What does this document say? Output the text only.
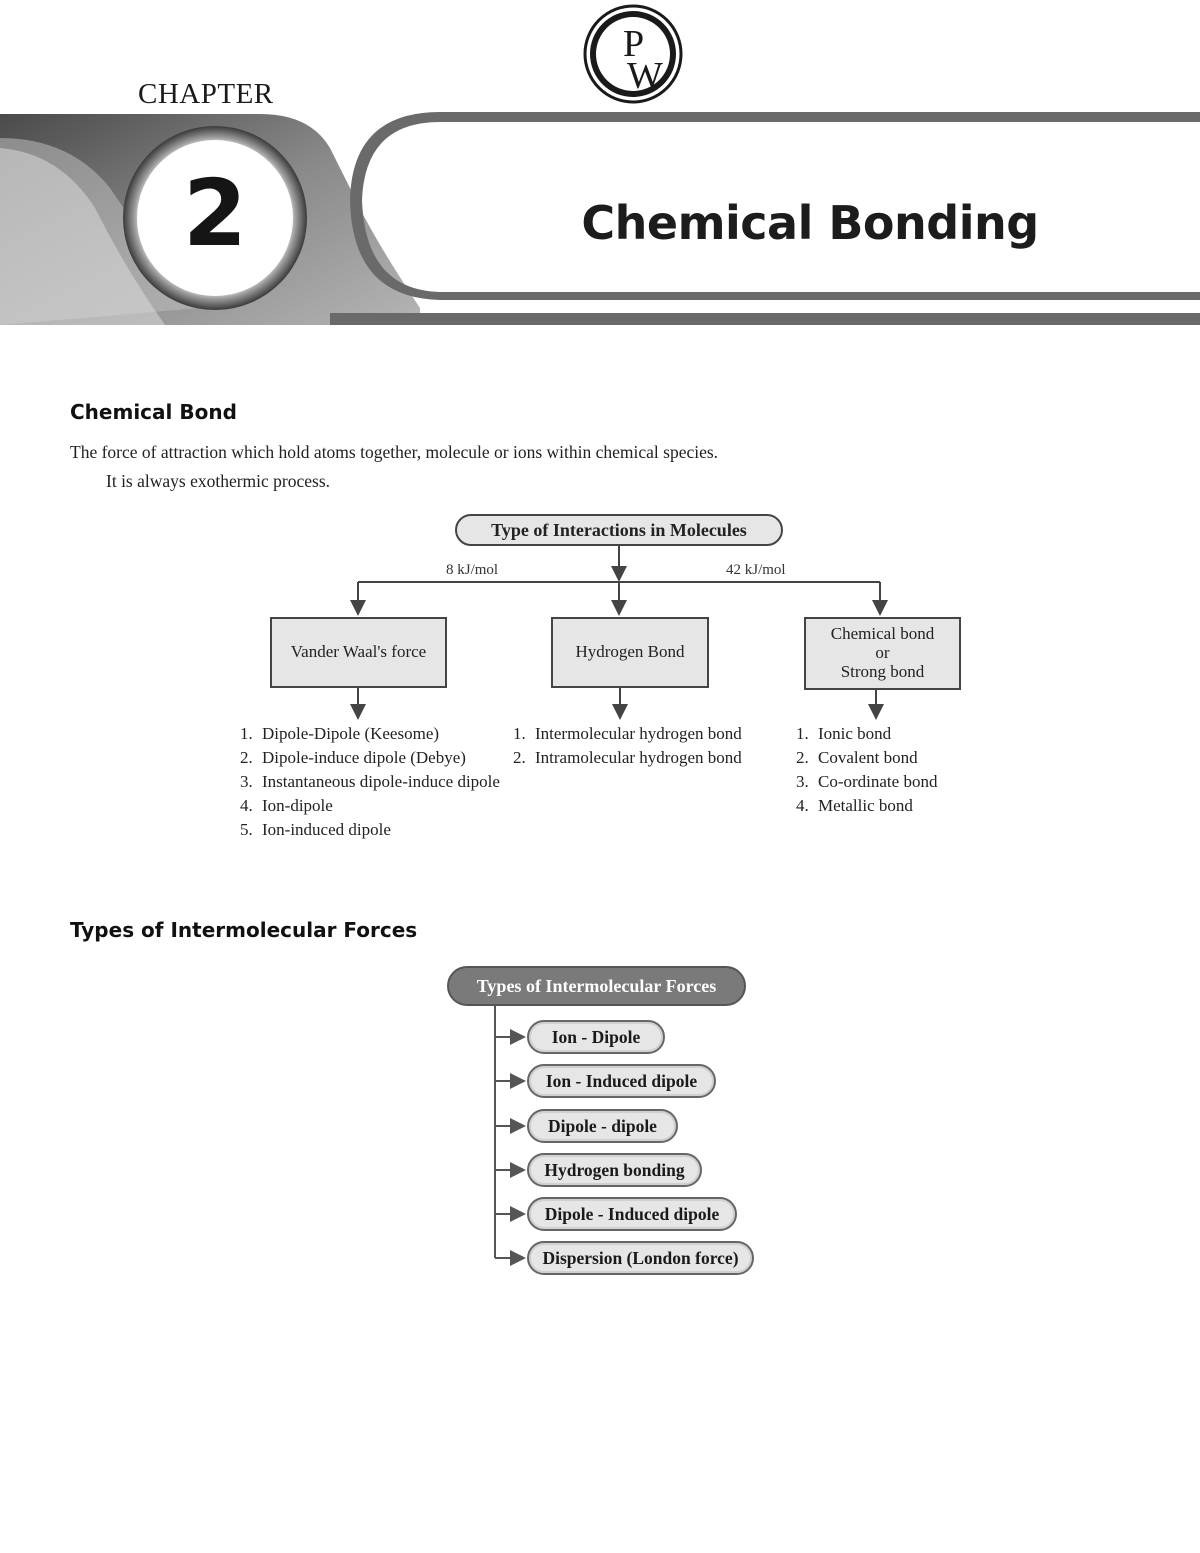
P
W
CHAPTER
2	Chemical Bonding
Chemical Bond
The force of attraction which hold atoms together, molecule or ions within chemical species.
It is always exothermic process.
Type of Interactions in Molecules
8 kJ/mol	42 kJ/mol
Vander Waal's force	Hydrogen Bond
Chemical bond
or
Strong bond
1. Dipole-Dipole (Keesome)
2. Dipole-induce dipole (Debye)
3. Instantaneous dipole-induce dipole
4. Ion-dipole
5. Ion-induced dipole
1. Intermolecular hydrogen bond
2. Intramolecular hydrogen bond
1. Ionic bond
2. Covalent bond
3. Co-ordinate bond
4. Metallic bond
Types of Intermolecular Forces
Types of Intermolecular Forces
Ion - Dipole
Ion - Induced dipole
Dipole - dipole
Hydrogen bonding
Dipole - Induced dipole
Dispersion (London force)
